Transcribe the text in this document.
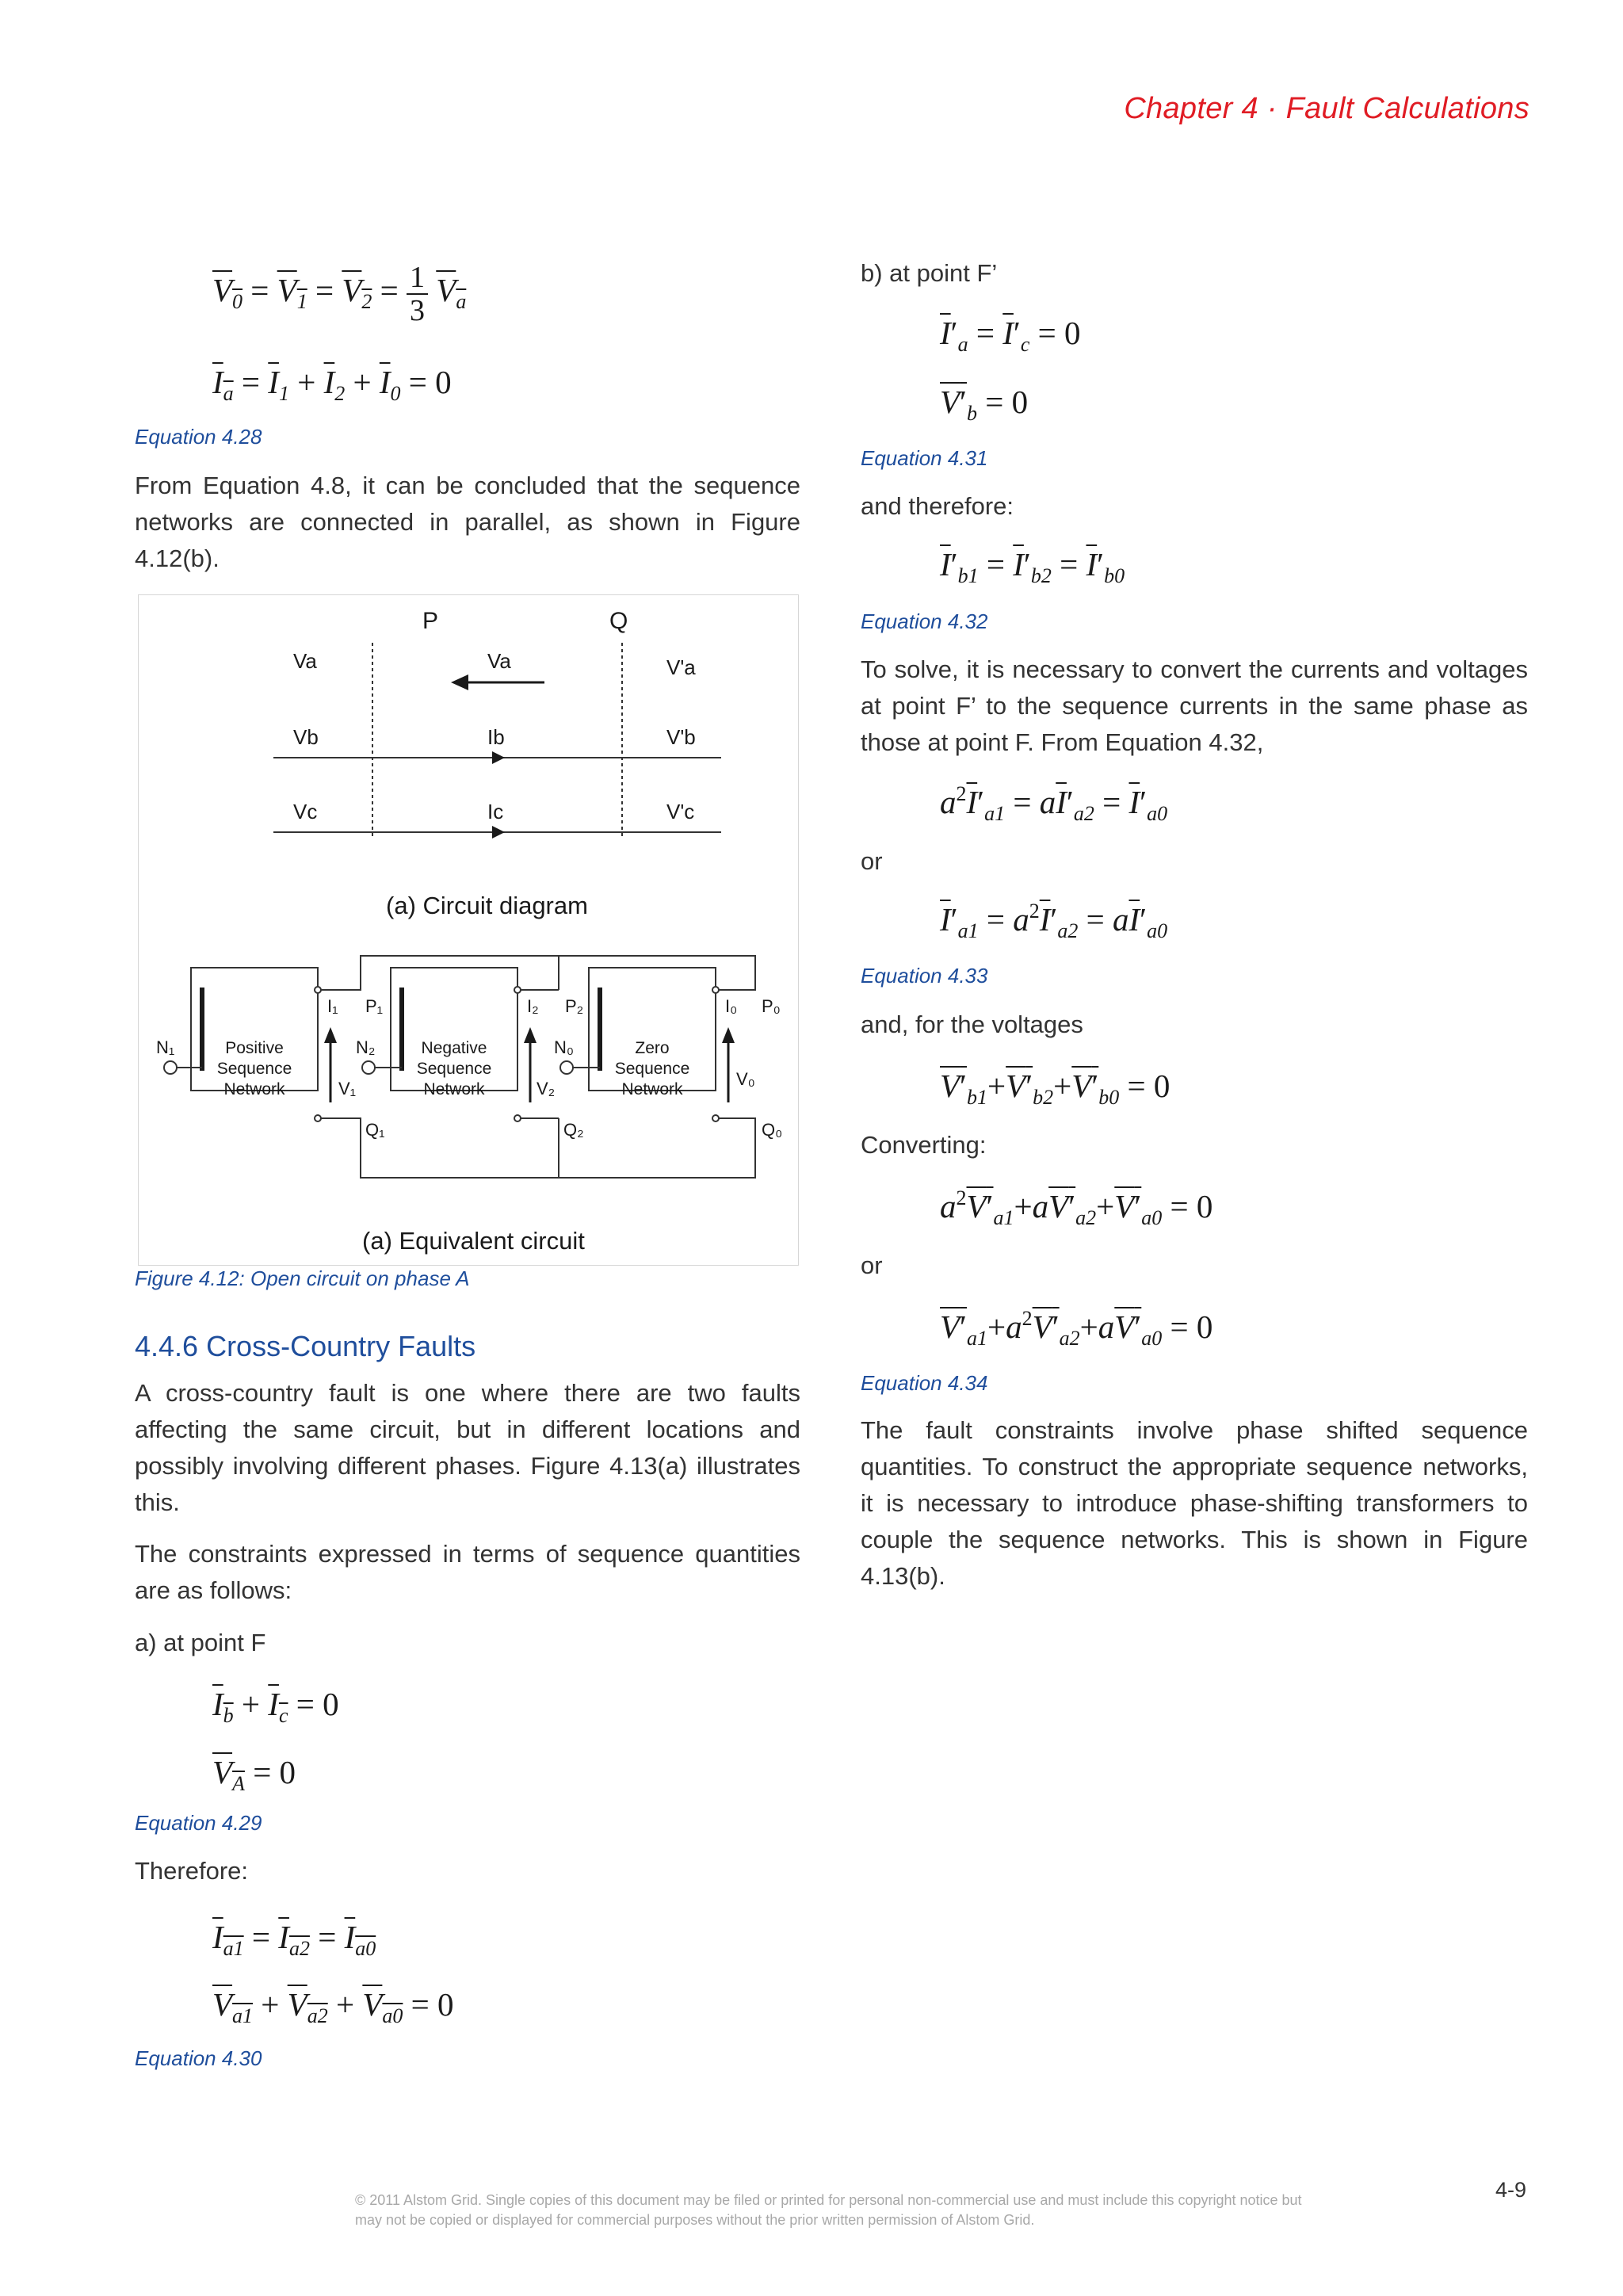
Chapter 4 · Fault Calculations
$V_0 = V_1 = V_2 = \frac{1}{3} V_a$
$I_a = \overline{I}_1 + \overline{I}_2 + \overline{I}_0 = 0$
Equation 4.28
From Equation 4.8, it can be concluded that the sequence networks are connected in parallel, as shown in Figure 4.12(b).
P	Q
Va	Va	V'a
Vb	Ib	V'b
Vc	Ic	V'c
(a) Circuit diagram
Positive
Sequence
Network
Negative
Sequence
Network
Zero
Sequence
Network
N₁	N₂	N₀
I₁ P₁	I₂ P₂	I₀ P₀
V₁	V₂	V₀
Q₁	Q₂	Q₀
(a) Equivalent circuit
Figure 4.12: Open circuit on phase A
4.4.6 Cross-Country Faults
A cross-country fault is one where there are two faults affecting the same circuit, but in different locations and possibly involving different phases. Figure 4.13(a) illustrates this.
The constraints expressed in terms of sequence quantities are as follows:
a) at point F
$I_b + I_c = 0$
$V_A = 0$
Equation 4.29
Therefore:
$I_{a1} = I_{a2} = I_{a0}$
$V_{a1} + V_{a2} + V_{a0} = 0$
Equation 4.30
b) at point F’
$\overline{I}'_a = \overline{I}'_c = 0$
$V'_b = 0$
Equation 4.31
and therefore:
$\overline{I}'_{b1} = \overline{I}'_{b2} = \overline{I}'_{b0}$
Equation 4.32
To solve, it is necessary to convert the currents and voltages at point F’ to the sequence currents in the same phase as those at point F. From Equation 4.32,
$a^2\overline{I}'_{a1} = a\overline{I}'_{a2} = \overline{I}'_{a0}$
or
$\overline{I}'_{a1} = a^2\overline{I}'_{a2} = a\overline{I}'_{a0}$
Equation 4.33
and, for the voltages
$V'_{b1}+V'_{b2}+V'_{b0} = 0$
Converting:
$a^2V'_{a1}+aV'_{a2}+V'_{a0} = 0$
or
$V'_{a1}+a^2V'_{a2}+aV'_{a0} = 0$
Equation 4.34
The fault constraints involve phase shifted sequence quantities. To construct the appropriate sequence networks, it is necessary to introduce phase-shifting transformers to couple the sequence networks. This is shown in Figure 4.13(b).
4-9
© 2011 Alstom Grid. Single copies of this document may be filed or printed for personal non-commercial use and must include this copyright notice but may not be copied or displayed for commercial purposes without the prior written permission of Alstom Grid.
